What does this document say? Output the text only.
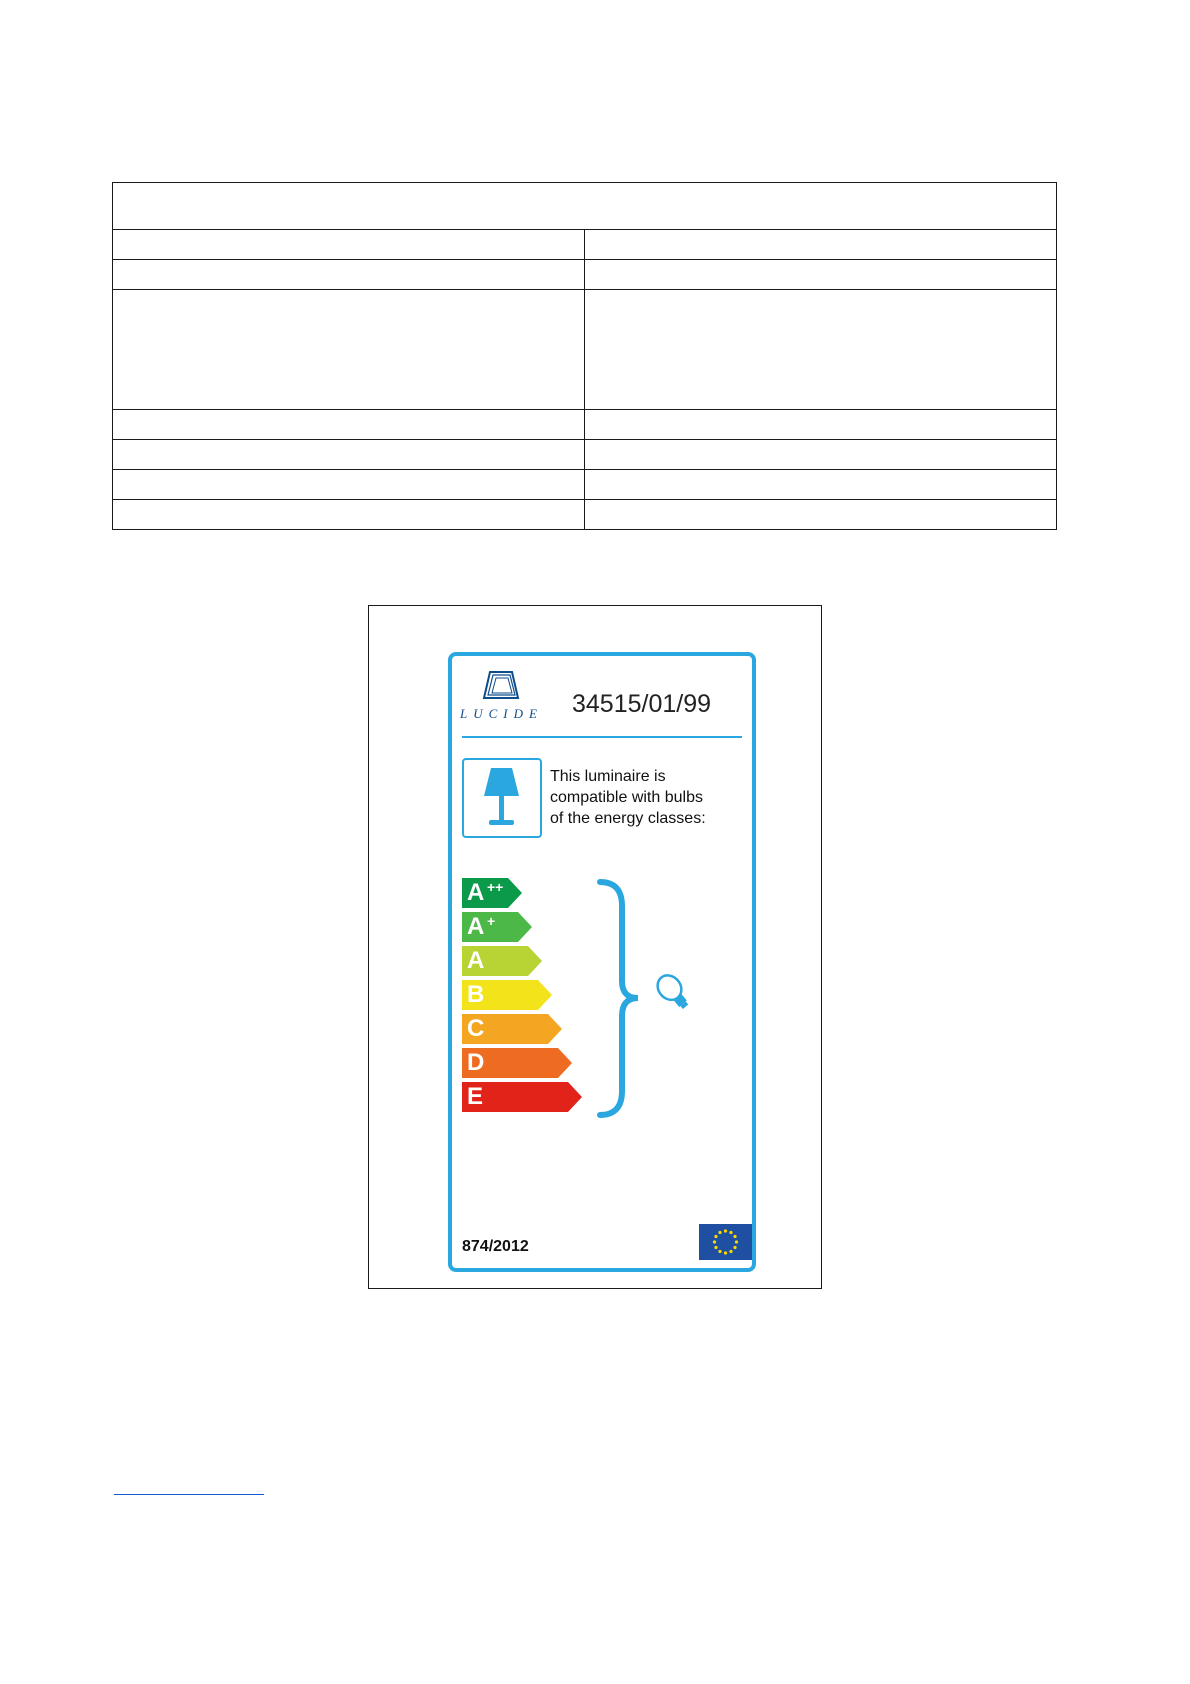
LUCIDE 34515/01/99
This luminaire is
compatible with bulbs
of the energy classes:
A ++
A +
A
B
C
D
E
874/2012
